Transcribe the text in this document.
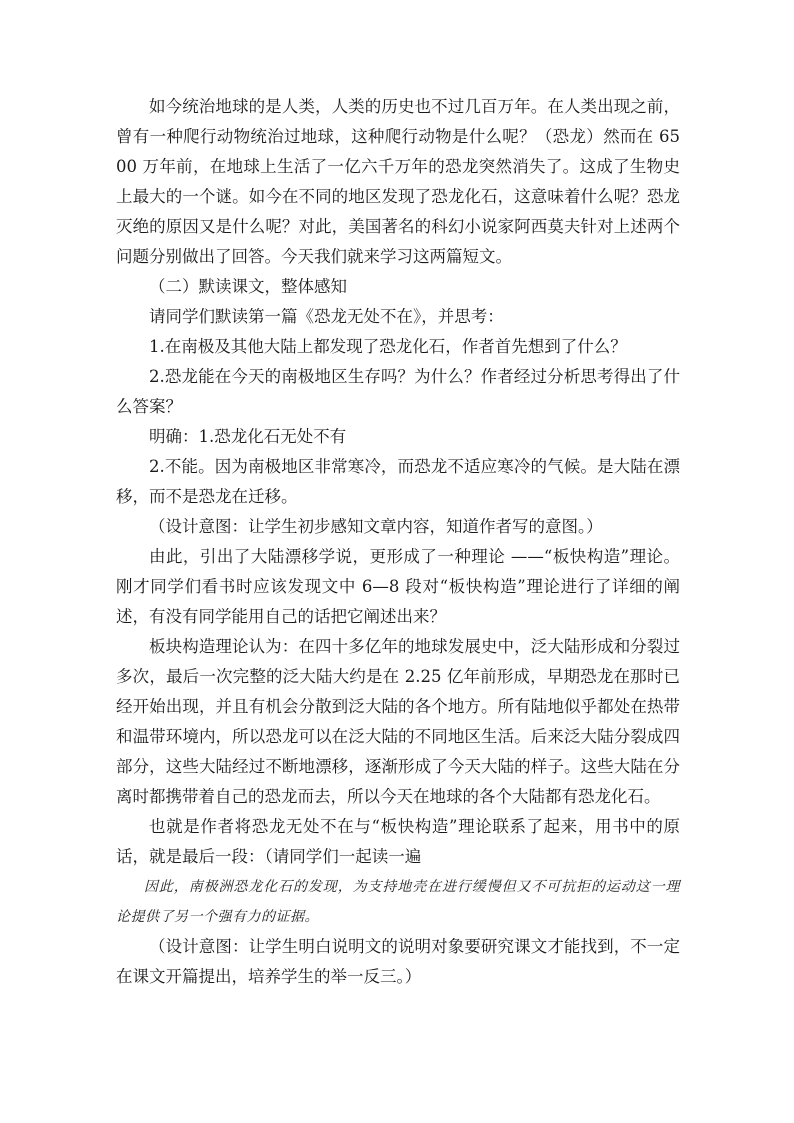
如今统治地球的是人类，人类的历史也不过几百万年。在人类出现之前，曾有一种爬行动物统治过地球，这种爬行动物是什么呢？（恐龙）然而在 6500 万年前，在地球上生活了一亿六千万年的恐龙突然消失了。这成了生物史上最大的一个谜。如今在不同的地区发现了恐龙化石，这意味着什么呢？恐龙灭绝的原因又是什么呢？对此，美国著名的科幻小说家阿西莫夫针对上述两个问题分别做出了回答。今天我们就来学习这两篇短文。

（二）默读课文，整体感知

请同学们默读第一篇《恐龙无处不在》，并思考：

1.在南极及其他大陆上都发现了恐龙化石，作者首先想到了什么？

2.恐龙能在今天的南极地区生存吗？为什么？作者经过分析思考得出了什么答案？

明确：1.恐龙化石无处不有

2.不能。因为南极地区非常寒冷，而恐龙不适应寒冷的气候。是大陆在漂移，而不是恐龙在迁移。

（设计意图：让学生初步感知文章内容，知道作者写的意图。）

由此，引出了大陆漂移学说，更形成了一种理论 ——“板快构造”理论。刚才同学们看书时应该发现文中 6—8 段对“板快构造”理论进行了详细的阐述，有没有同学能用自己的话把它阐述出来？

板块构造理论认为：在四十多亿年的地球发展史中，泛大陆形成和分裂过多次，最后一次完整的泛大陆大约是在 2.25 亿年前形成，早期恐龙在那时已经开始出现，并且有机会分散到泛大陆的各个地方。所有陆地似乎都处在热带和温带环境内，所以恐龙可以在泛大陆的不同地区生活。后来泛大陆分裂成四部分，这些大陆经过不断地漂移，逐渐形成了今天大陆的样子。这些大陆在分离时都携带着自己的恐龙而去，所以今天在地球的各个大陆都有恐龙化石。

也就是作者将恐龙无处不在与“板快构造”理论联系了起来，用书中的原话，就是最后一段：（请同学们一起读一遍

因此，南极洲恐龙化石的发现，为支持地壳在进行缓慢但又不可抗拒的运动这一理论提供了另一个强有力的证据。

（设计意图：让学生明白说明文的说明对象要研究课文才能找到，不一定在课文开篇提出，培养学生的举一反三。）
